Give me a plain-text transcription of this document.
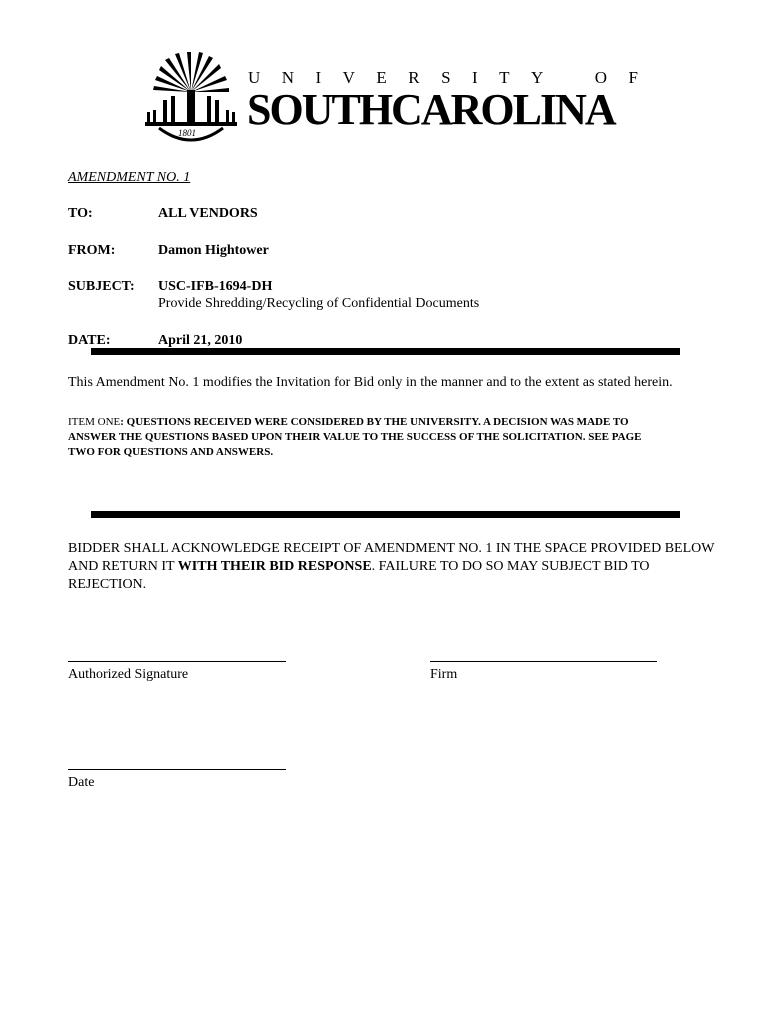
1801
U N I V E R S I T Y	O F
SOUTHCAROLINA
AMENDMENT NO. 1
TO:	ALL VENDORS
FROM:	Damon Hightower
SUBJECT: USC-IFB-1694-DH
Provide Shredding/Recycling of Confidential Documents
DATE:	April 21, 2010
This Amendment No. 1 modifies the Invitation for Bid only in the manner and to the extent as stated herein.
ITEM ONE: QUESTIONS RECEIVED WERE CONSIDERED BY THE UNIVERSITY. A DECISION WAS MADE TO
ANSWER THE QUESTIONS BASED UPON THEIR VALUE TO THE SUCCESS OF THE SOLICITATION. SEE PAGE
TWO FOR QUESTIONS AND ANSWERS.
BIDDER SHALL ACKNOWLEDGE RECEIPT OF AMENDMENT NO. 1 IN THE SPACE PROVIDED BELOW AND RETURN IT WITH THEIR BID RESPONSE. FAILURE TO DO SO MAY SUBJECT BID TO REJECTION.
Authorized Signature	Firm
Date
